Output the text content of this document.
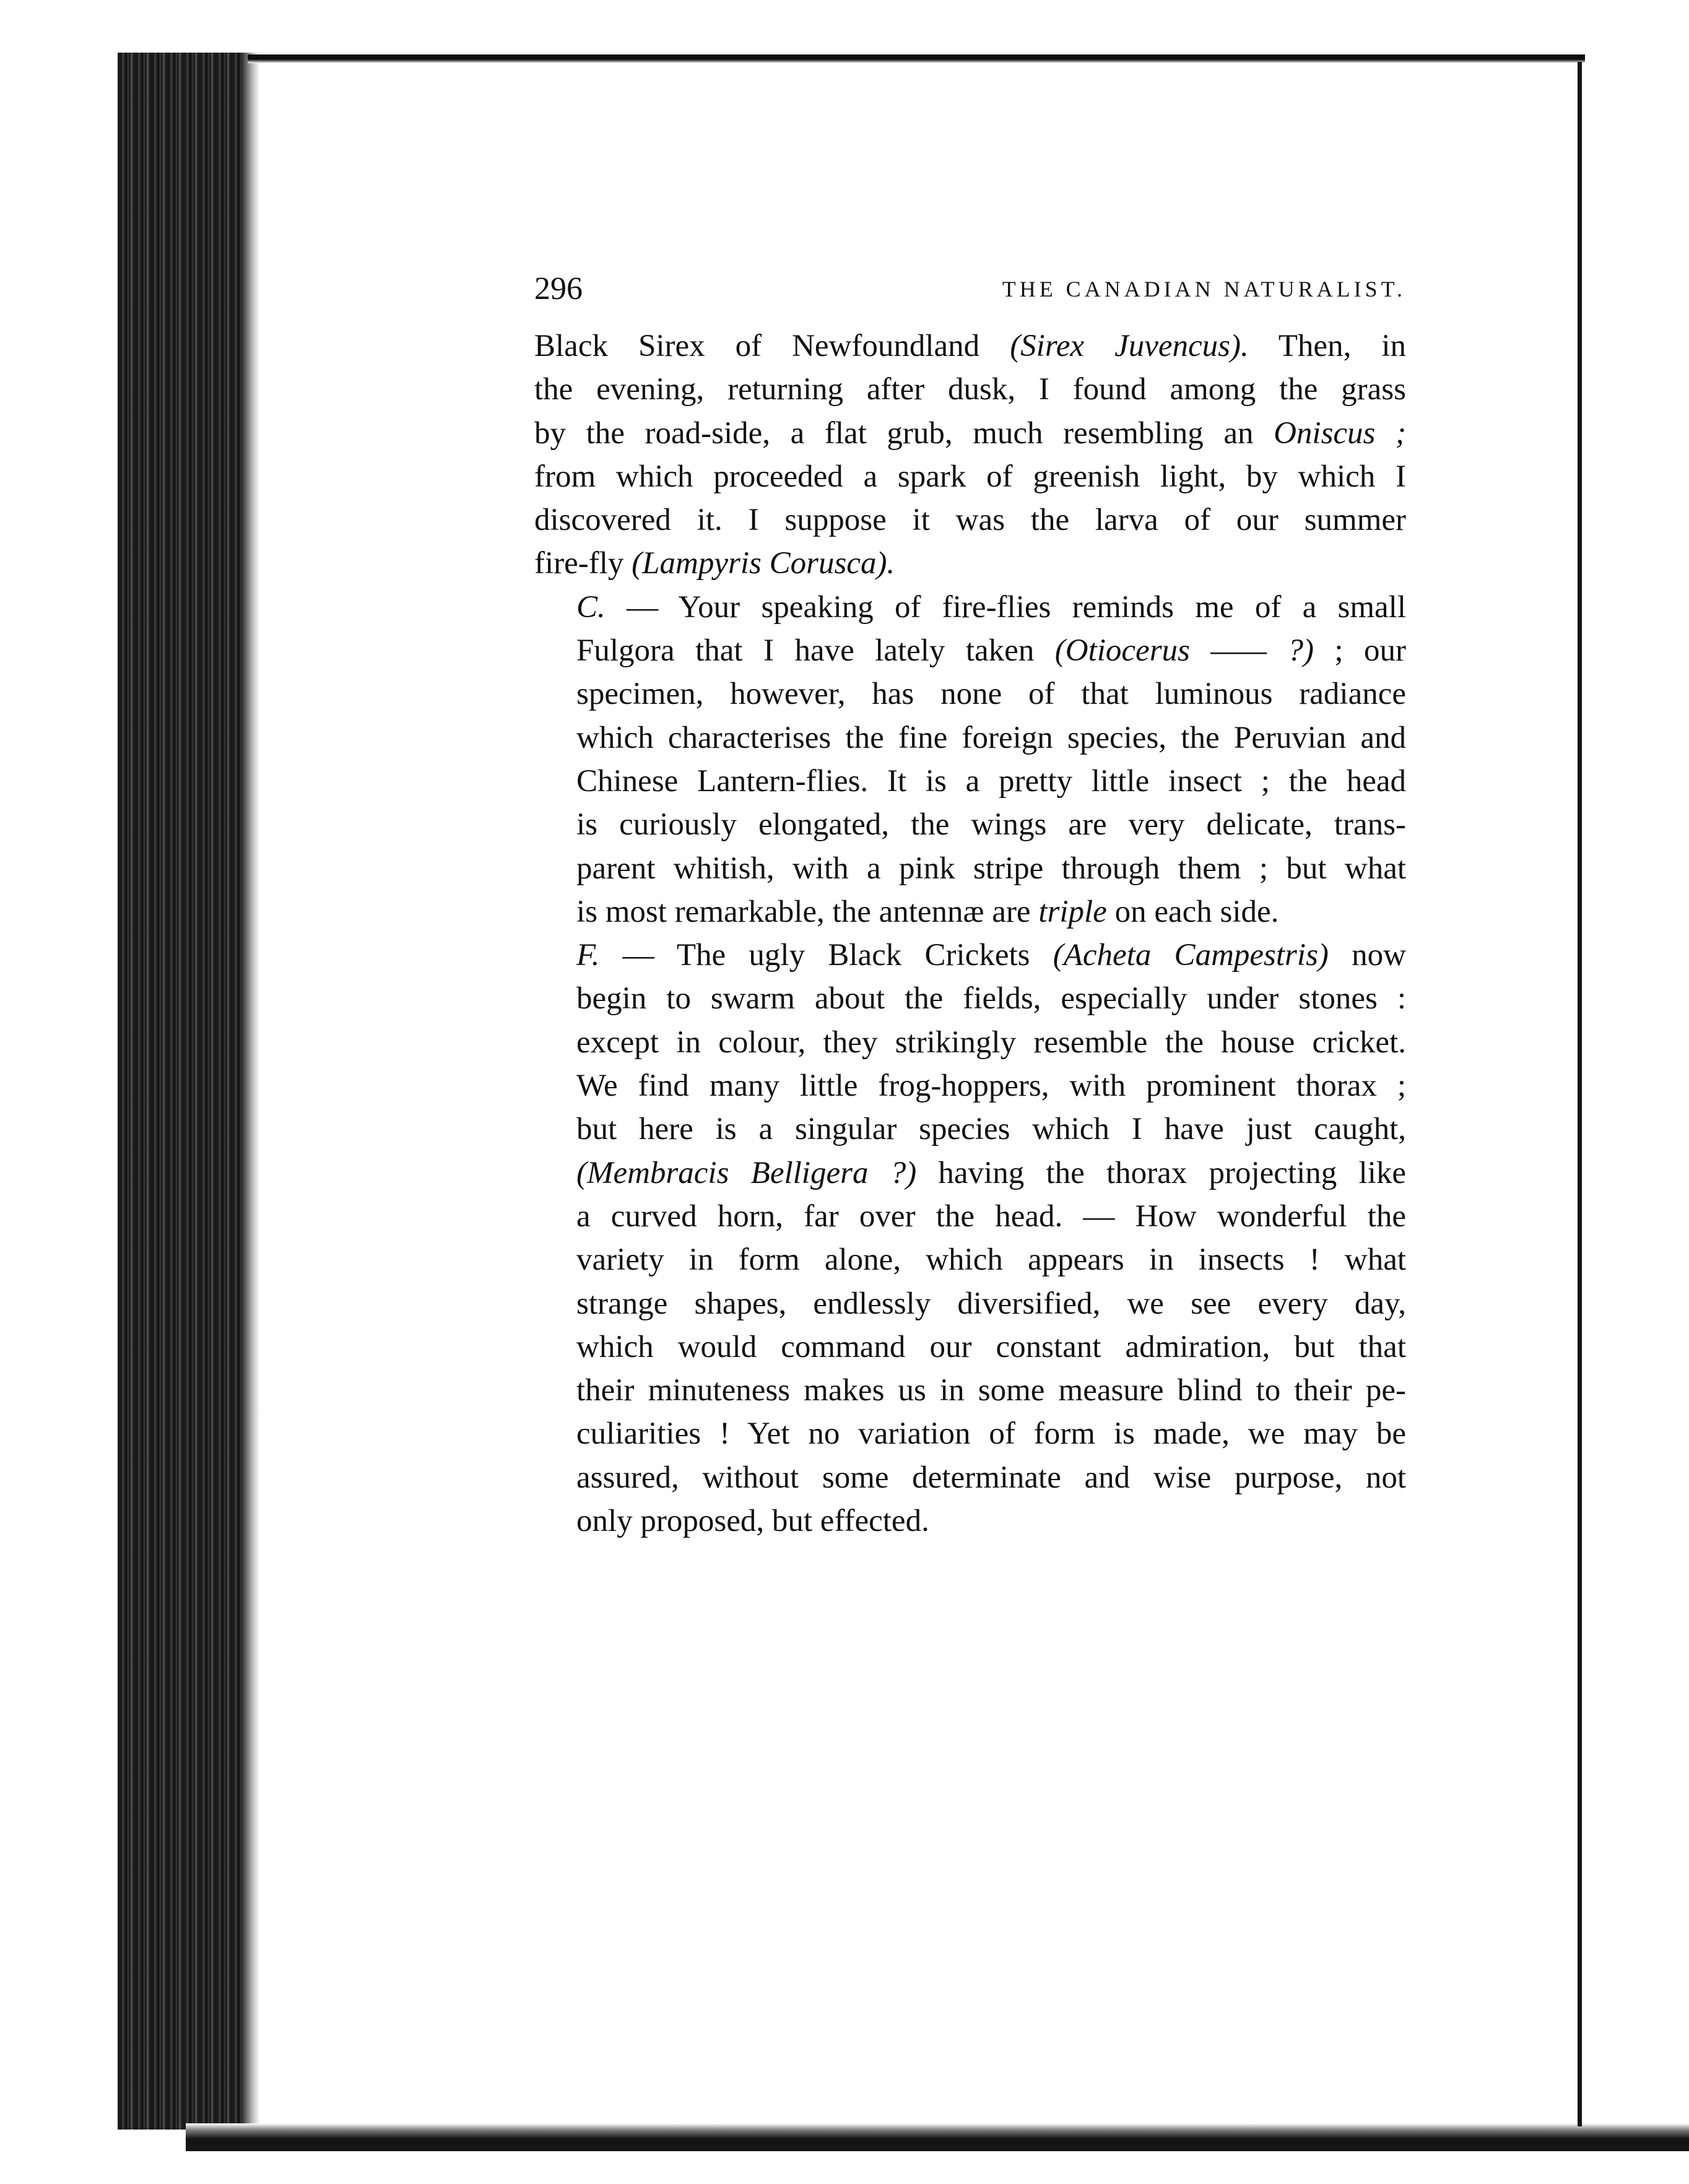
296	THE CANADIAN NATURALIST.

Black Sirex of Newfoundland (Sirex Juvencus). Then, in
the evening, returning after dusk, I found among the grass
by the road-side, a flat grub, much resembling an Oniscus ;
from which proceeded a spark of greenish light, by which I
discovered it. I suppose it was the larva of our summer
fire-fly (Lampyris Corusca).

C. — Your speaking of fire-flies reminds me of a small
Fulgora that I have lately taken (Otiocerus —— ?) ; our
specimen, however, has none of that luminous radiance
which characterises the fine foreign species, the Peruvian and
Chinese Lantern-flies. It is a pretty little insect ; the head
is curiously elongated, the wings are very delicate, trans-
parent whitish, with a pink stripe through them ; but what
is most remarkable, the antennæ are triple on each side.

F. — The ugly Black Crickets (Acheta Campestris) now
begin to swarm about the fields, especially under stones :
except in colour, they strikingly resemble the house cricket.
We find many little frog-hoppers, with prominent thorax ;
but here is a singular species which I have just caught,
(Membracis Belligera ?) having the thorax projecting like
a curved horn, far over the head. — How wonderful the
variety in form alone, which appears in insects ! what
strange shapes, endlessly diversified, we see every day,
which would command our constant admiration, but that
their minuteness makes us in some measure blind to their pe-
culiarities ! Yet no variation of form is made, we may be
assured, without some determinate and wise purpose, not
only proposed, but effected.
